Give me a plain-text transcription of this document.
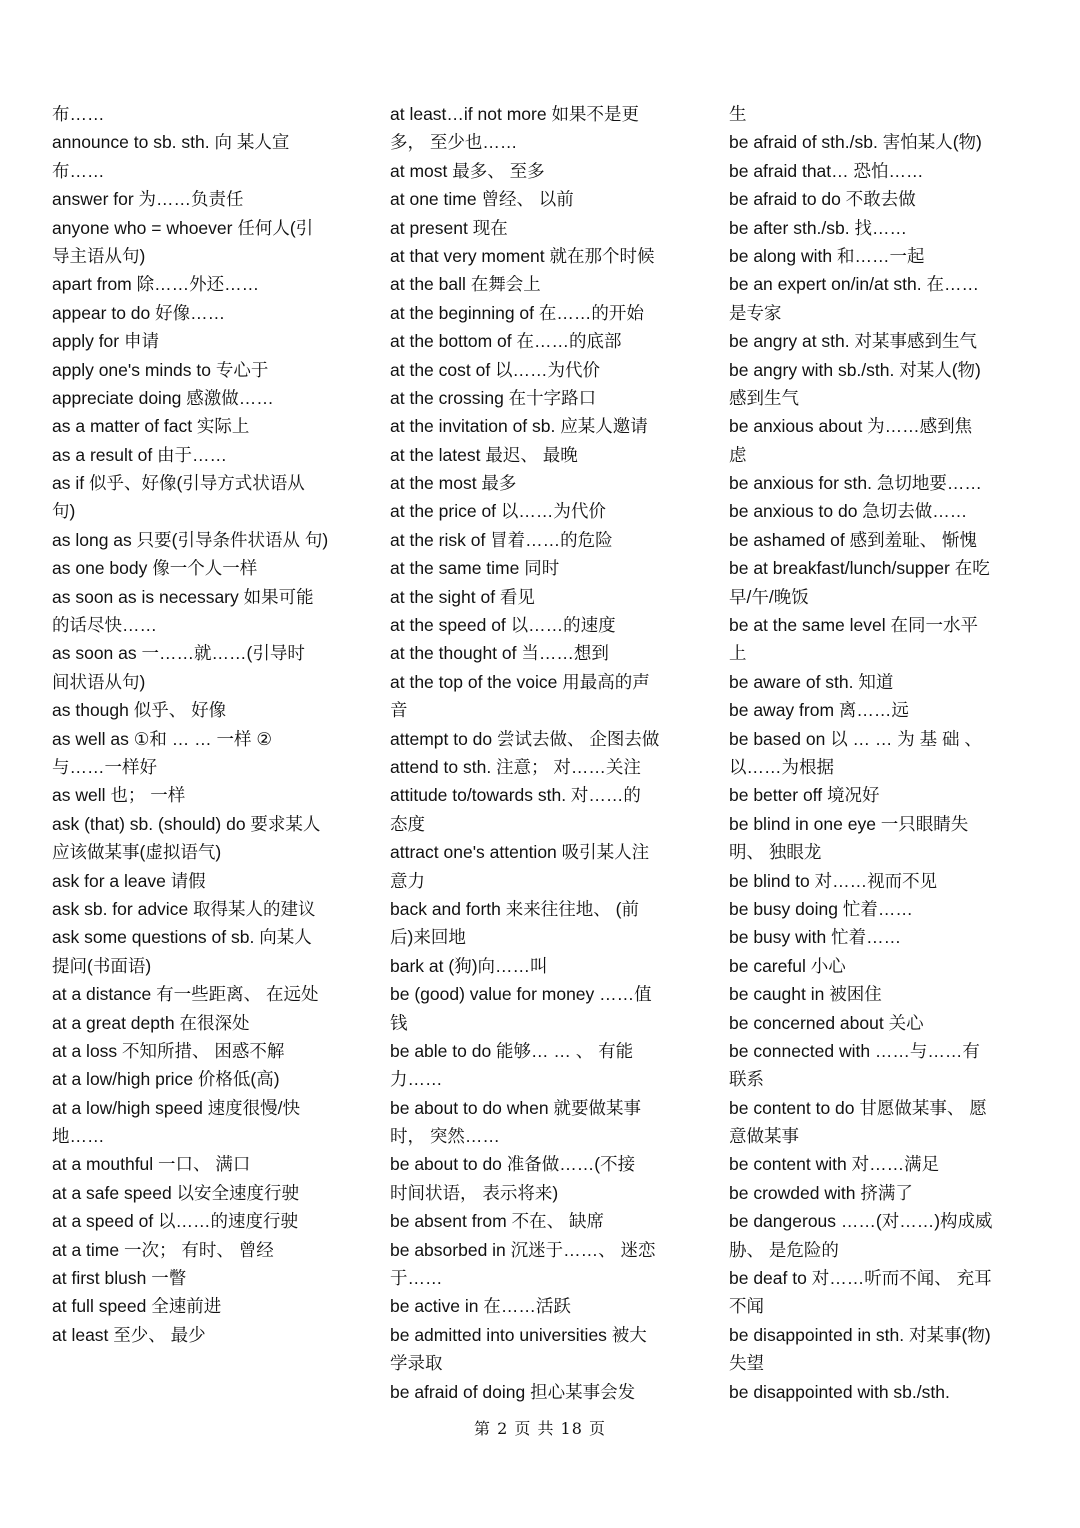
布……
announce to sb. sth. 向 某人宣
布……
answer for 为……负责任
anyone who = whoever 任何人(引
导主语从句)
apart from 除……外还……
appear to do 好像……
apply for 申请
apply one's minds to 专心于
appreciate doing 感激做……
as a matter of fact 实际上
as a result of 由于……
as if 似乎、好像(引导方式状语从
句)
as long as 只要(引导条件状语从 句)
as one body 像一个人一样
as soon as is necessary 如果可能
的话尽快……
as soon as 一……就……(引导时
间状语从句)
as though 似乎、 好像
as well as ①和 … … 一样 ②
与……一样好
as well 也； 一样
ask (that) sb. (should) do 要求某人
应该做某事(虚拟语气)
ask for a leave 请假
ask sb. for advice 取得某人的建议
ask some questions of sb. 向某人
提问(书面语)
at a distance 有一些距离、 在远处
at a great depth 在很深处
at a loss 不知所措、 困惑不解
at a low/high price 价格低(高)
at a low/high speed 速度很慢/快
地……
at a mouthful 一口、 满口
at a safe speed 以安全速度行驶
at a speed of 以……的速度行驶
at a time 一次； 有时、 曾经
at first blush 一瞥
at full speed 全速前进
at least 至少、 最少
at least…if not more 如果不是更
多， 至少也……
at most 最多、 至多
at one time 曾经、 以前
at present 现在
at that very moment 就在那个时候
at the ball 在舞会上
at the beginning of 在……的开始
at the bottom of 在……的底部
at the cost of 以……为代价
at the crossing 在十字路口
at the invitation of sb. 应某人邀请
at the latest 最迟、 最晚
at the most 最多
at the price of 以……为代价
at the risk of 冒着……的危险
at the same time 同时
at the sight of 看见
at the speed of 以……的速度
at the thought of 当……想到
at the top of the voice 用最高的声
音
attempt to do 尝试去做、 企图去做
attend to sth. 注意； 对……关注
attitude to/towards sth. 对……的
态度
attract one's attention 吸引某人注
意力
back and forth 来来往往地、 (前
后)来回地
bark at (狗)向……叫
be (good) value for money ……值
钱
be able to do 能够… … 、 有能
力……
be about to do when 就要做某事
时， 突然……
be about to do 准备做……(不接
时间状语， 表示将来)
be absent from 不在、 缺席
be absorbed in 沉迷于……、 迷恋
于……
be active in 在……活跃
be admitted into universities 被大
学录取
be afraid of doing 担心某事会发
生
be afraid of sth./sb. 害怕某人(物)
be afraid that… 恐怕……
be afraid to do 不敢去做
be after sth./sb. 找……
be along with 和……一起
be an expert on/in/at sth. 在……
是专家
be angry at sth. 对某事感到生气
be angry with sb./sth. 对某人(物)
感到生气
be anxious about 为……感到焦
虑
be anxious for sth. 急切地要……
be anxious to do 急切去做……
be ashamed of 感到羞耻、 惭愧
be at breakfast/lunch/supper 在吃
早/午/晚饭
be at the same level 在同一水平
上
be aware of sth. 知道
be away from 离……远
be based on 以 … … 为 基 础 、
以……为根据
be better off 境况好
be blind in one eye 一只眼睛失
明、 独眼龙
be blind to 对……视而不见
be busy doing 忙着……
be busy with 忙着……
be careful 小心
be caught in 被困住
be concerned about 关心
be connected with ……与……有
联系
be content to do 甘愿做某事、 愿
意做某事
be content with 对……满足
be crowded with 挤满了
be dangerous ……(对……)构成威
胁、 是危险的
be deaf to 对……听而不闻、 充耳
不闻
be disappointed in sth. 对某事(物)
失望
be disappointed with sb./sth.
第 2 页 共 18 页
